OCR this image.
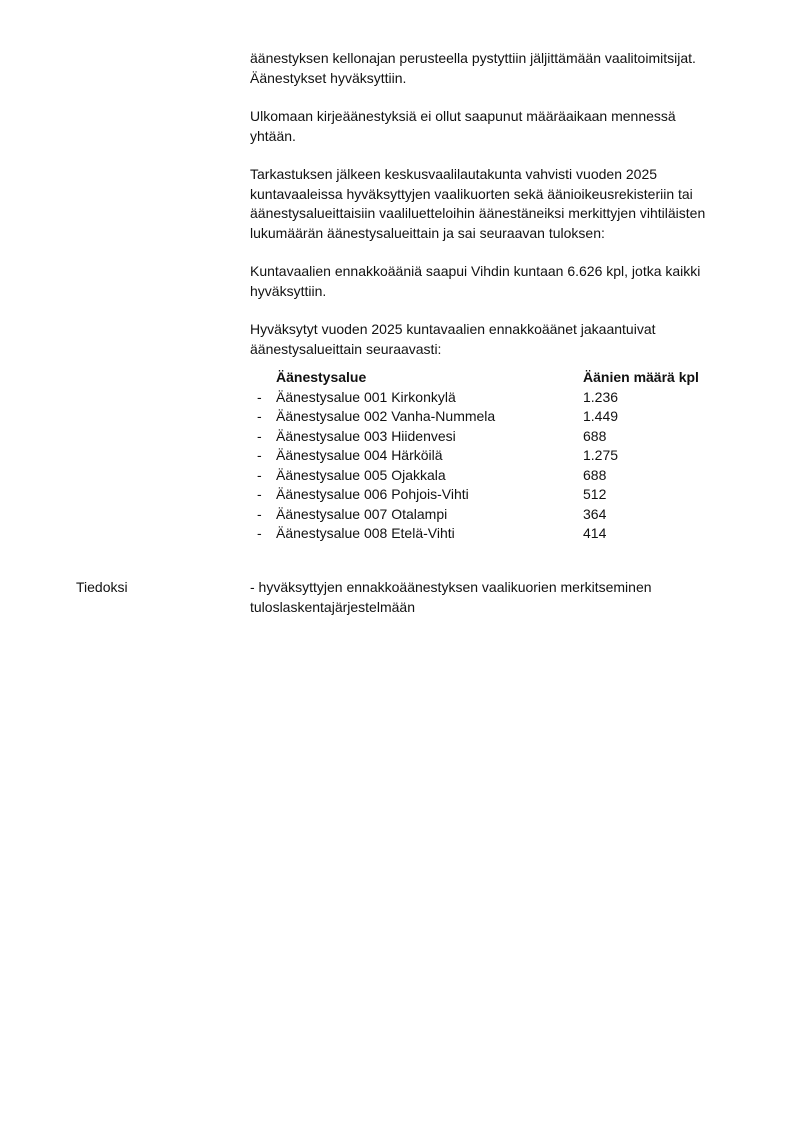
äänestyksen kellonajan perusteella pystyttiin jäljittämään vaalitoimitsijat.
Äänestykset hyväksyttiin.

Ulkomaan kirjeäänestyksiä ei ollut saapunut määräaikaan mennessä
yhtään.

Tarkastuksen jälkeen keskusvaalilautakunta vahvisti vuoden 2025
kuntavaaleissa hyväksyttyjen vaalikuorten sekä äänioikeusrekisteriin tai
äänestysalueittaisiin vaaliluetteloihin äänestäneiksi merkittyjen vihtiläisten
lukumäärän äänestysalueittain ja sai seuraavan tuloksen:

Kuntavaalien ennakkoääniä saapui Vihdin kuntaan 6.626 kpl, jotka kaikki
hyväksyttiin.

Hyväksytyt vuoden 2025 kuntavaalien ennakkoäänet jakaantuivat
äänestysalueittain seuraavasti:

Äänestysalue	Äänien määrä kpl
- Äänestysalue 001 Kirkonkylä	1.236
- Äänestysalue 002 Vanha-Nummela	1.449
- Äänestysalue 003 Hiidenvesi	688
- Äänestysalue 004 Härköilä	1.275
- Äänestysalue 005 Ojakkala	688
- Äänestysalue 006 Pohjois-Vihti	512
- Äänestysalue 007 Otalampi	364
- Äänestysalue 008 Etelä-Vihti	414
Tiedoksi	- hyväksyttyjen ennakkoäänestyksen vaalikuorien merkitseminen
tuloslaskentajärjestelmään
